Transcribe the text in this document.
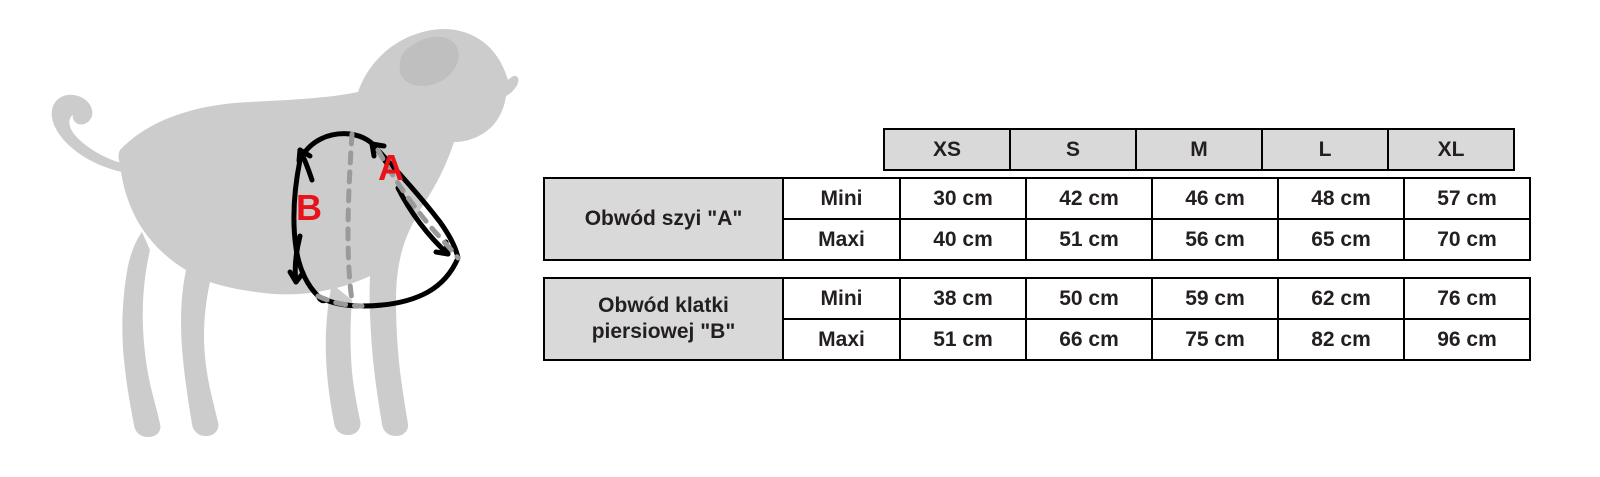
A
B
		XS	S	M	L	XL
Obwód szyi "A"	Mini	30 cm	42 cm	46 cm	48 cm	57 cm
	Maxi	40 cm	51 cm	56 cm	65 cm	70 cm
Obwód klatki
piersiowej "B"	Mini	38 cm	50 cm	59 cm	62 cm	76 cm
	Maxi	51 cm	66 cm	75 cm	82 cm	96 cm
